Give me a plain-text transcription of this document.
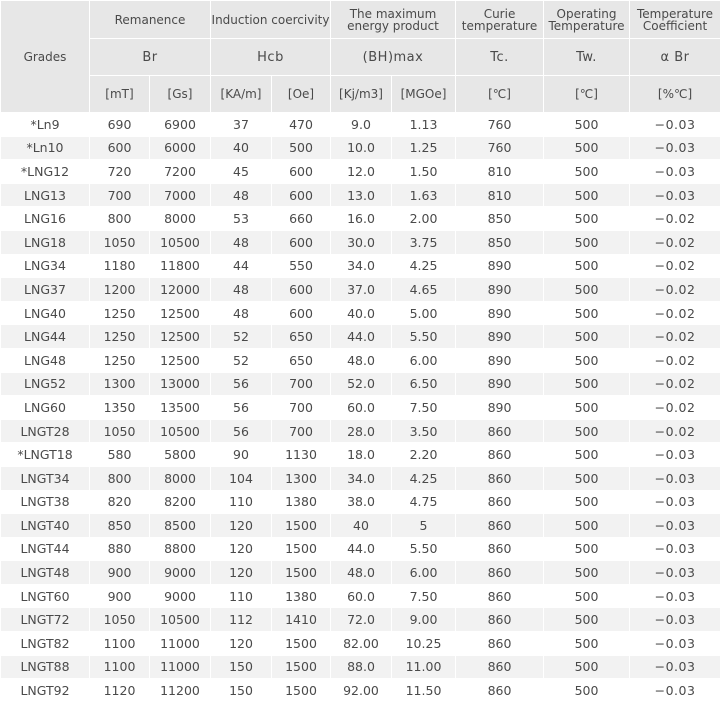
Grades	Remanence		Induction coercivity		The maximum energy product		Curie temperature	Operating Temperature	Temperature Coefficient
	Br		Hcb		(BH)max		Tc.	Tw.	α Br
	[mT]	[Gs]	[KA/m]	[Oe]	[Kj/m3]	[MGOe]	[℃]	[℃]	[%℃]
*Ln9	690	6900	37	470	9.0	1.13	760	500	−0.03
*Ln10	600	6000	40	500	10.0	1.25	760	500	−0.03
*LNG12	720	7200	45	600	12.0	1.50	810	500	−0.03
LNG13	700	7000	48	600	13.0	1.63	810	500	−0.03
LNG16	800	8000	53	660	16.0	2.00	850	500	−0.02
LNG18	1050	10500	48	600	30.0	3.75	850	500	−0.02
LNG34	1180	11800	44	550	34.0	4.25	890	500	−0.02
LNG37	1200	12000	48	600	37.0	4.65	890	500	−0.02
LNG40	1250	12500	48	600	40.0	5.00	890	500	−0.02
LNG44	1250	12500	52	650	44.0	5.50	890	500	−0.02
LNG48	1250	12500	52	650	48.0	6.00	890	500	−0.02
LNG52	1300	13000	56	700	52.0	6.50	890	500	−0.02
LNG60	1350	13500	56	700	60.0	7.50	890	500	−0.02
LNGT28	1050	10500	56	700	28.0	3.50	860	500	−0.02
*LNGT18	580	5800	90	1130	18.0	2.20	860	500	−0.03
LNGT34	800	8000	104	1300	34.0	4.25	860	500	−0.03
LNGT38	820	8200	110	1380	38.0	4.75	860	500	−0.03
LNGT40	850	8500	120	1500	40	5	860	500	−0.03
LNGT44	880	8800	120	1500	44.0	5.50	860	500	−0.03
LNGT48	900	9000	120	1500	48.0	6.00	860	500	−0.03
LNGT60	900	9000	110	1380	60.0	7.50	860	500	−0.03
LNGT72	1050	10500	112	1410	72.0	9.00	860	500	−0.03
LNGT82	1100	11000	120	1500	82.00	10.25	860	500	−0.03
LNGT88	1100	11000	150	1500	88.0	11.00	860	500	−0.03
LNGT92	1120	11200	150	1500	92.00	11.50	860	500	−0.03
